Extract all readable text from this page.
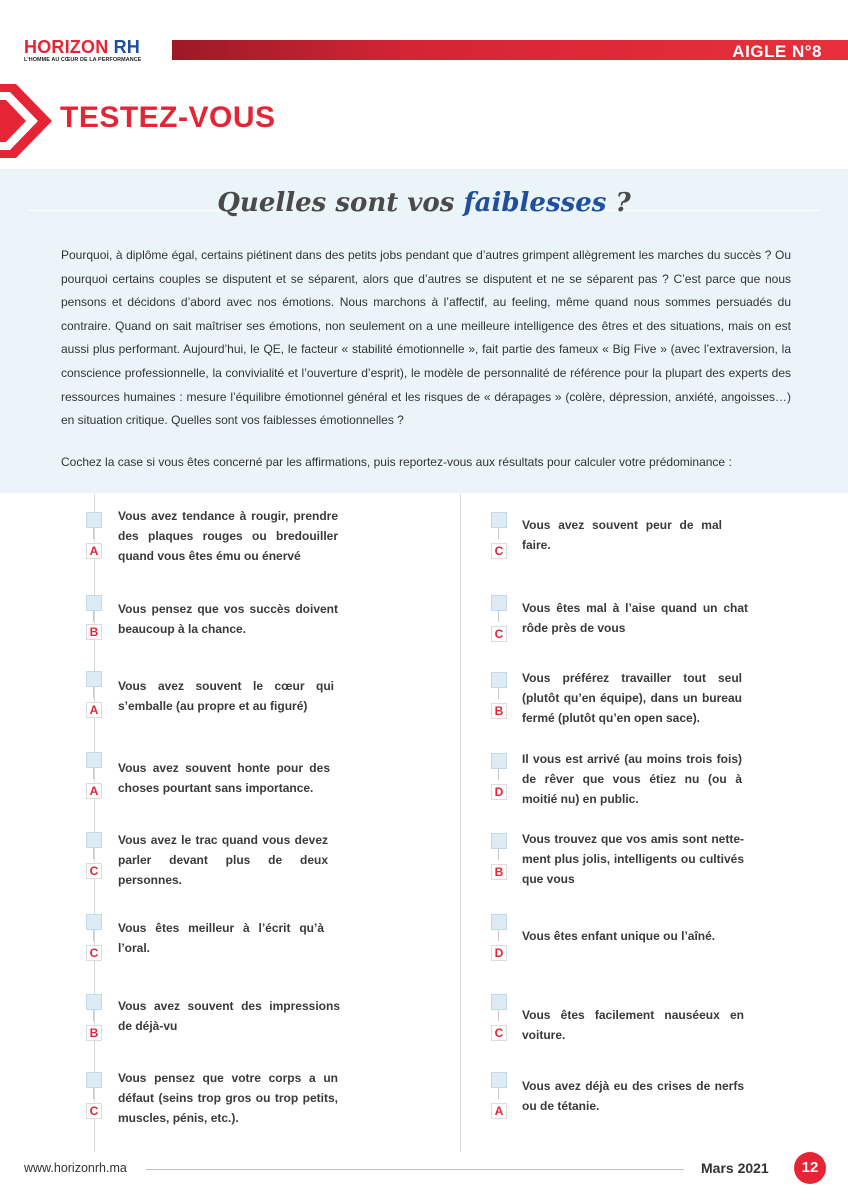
HORIZON RH
L'HOMME AU CŒUR DE LA PERFORMANCE	AIGLE N°8
TESTEZ-VOUS
Quelles sont vos faiblesses ?
Pourquoi, à diplôme égal, certains piétinent dans des petits jobs pendant que d’autres grimpent allègrement les marches du succès ? Ou pourquoi certains couples se disputent et se séparent, alors que d’autres se disputent et ne se séparent pas ? C’est parce que nous pensons et décidons d’abord avec nos émotions. Nous marchons à l’affectif, au feeling, même quand nous sommes persuadés du contraire. Quand on sait maîtriser ses émotions, non seulement on a une meilleure intelligence des êtres et des situations, mais on est aussi plus performant. Aujourd’hui, le QE, le facteur « stabilité émotionnelle », fait partie des fameux « Big Five » (avec l’extraversion, la conscience professionnelle, la convivialité et l’ouverture d’esprit), le modèle de personnalité de référence pour la plupart des experts des ressources humaines : mesure l’équilibre émotionnel général et les risques de « dérapages » (colère, dépression, anxiété, angoisses…) en situation critique. Quelles sont vos faiblesses émotionnelles ?
Cochez la case si vous êtes concerné par les affirmations, puis reportez-vous aux résultats pour calculer votre prédominance :
A
Vous avez tendance à rougir, prendre des plaques rouges ou bredouiller quand vous êtes ému ou énervé
B
Vous pensez que vos succès doivent beaucoup à la chance.
A
Vous avez souvent le cœur qui s’emballe (au propre et au figuré)
A
Vous avez souvent honte pour des choses pourtant sans importance.
C
Vous avez le trac quand vous devez parler devant plus de deux personnes.
C
Vous êtes meilleur à l’écrit qu’à l’oral.
B
Vous avez souvent des impressions de déjà-vu
C
Vous pensez que votre corps a un défaut (seins trop gros ou trop petits, muscles, pénis, etc.).
C
Vous avez souvent peur de mal faire.
C
Vous êtes mal à l’aise quand un chat rôde près de vous
B
Vous préférez travailler tout seul (plutôt qu’en équipe), dans un bureau fermé (plutôt qu’en open sace).
D
Il vous est arrivé (au moins trois fois) de rêver que vous étiez nu (ou à moitié nu) en public.
B
Vous trouvez que vos amis sont nette-ment plus jolis, intelligents ou cultivés que vous
D
Vous êtes enfant unique ou l’aîné.
C
Vous êtes facilement nauséeux en voiture.
A
Vous avez déjà eu des crises de nerfs ou de tétanie.
www.horizonrh.ma	Mars 2021	12
